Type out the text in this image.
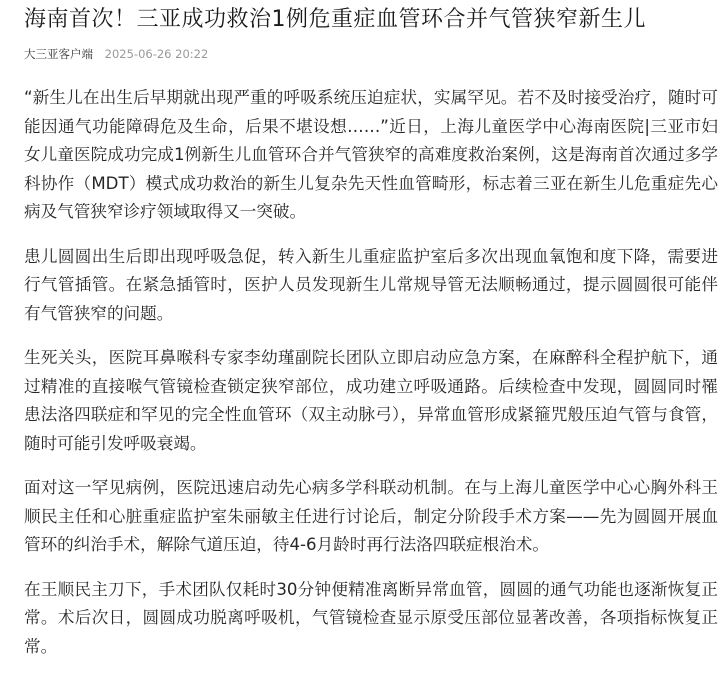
海南首次！三亚成功救治1例危重症血管环合并气管狭窄新生儿
大三亚客户端 2025-06-26 20:22

“新生儿在出生后早期就出现严重的呼吸系统压迫症状，实属罕见。若不及时接受治疗，随时可能因通气功能障碍危及生命，后果不堪设想……”近日，上海儿童医学中心海南医院|三亚市妇女儿童医院成功完成1例新生儿血管环合并气管狭窄的高难度救治案例，这是海南首次通过多学科协作（MDT）模式成功救治的新生儿复杂先天性血管畸形，标志着三亚在新生儿危重症先心病及气管狭窄诊疗领域取得又一突破。

患儿圆圆出生后即出现呼吸急促，转入新生儿重症监护室后多次出现血氧饱和度下降，需要进行气管插管。在紧急插管时，医护人员发现新生儿常规导管无法顺畅通过，提示圆圆很可能伴有气管狭窄的问题。

生死关头，医院耳鼻喉科专家李幼瑾副院长团队立即启动应急方案，在麻醉科全程护航下，通过精准的直接喉气管镜检查锁定狭窄部位，成功建立呼吸通路。后续检查中发现，圆圆同时罹患法洛四联症和罕见的完全性血管环（双主动脉弓），异常血管形成紧箍咒般压迫气管与食管，随时可能引发呼吸衰竭。

面对这一罕见病例，医院迅速启动先心病多学科联动机制。在与上海儿童医学中心心胸外科王顺民主任和心脏重症监护室朱丽敏主任进行讨论后，制定分阶段手术方案——先为圆圆开展血管环的纠治手术，解除气道压迫，待4-6月龄时再行法洛四联症根治术。

在王顺民主刀下，手术团队仅耗时30分钟便精准离断异常血管，圆圆的通气功能也逐渐恢复正常。术后次日，圆圆成功脱离呼吸机，气管镜检查显示原受压部位显著改善，各项指标恢复正常。
